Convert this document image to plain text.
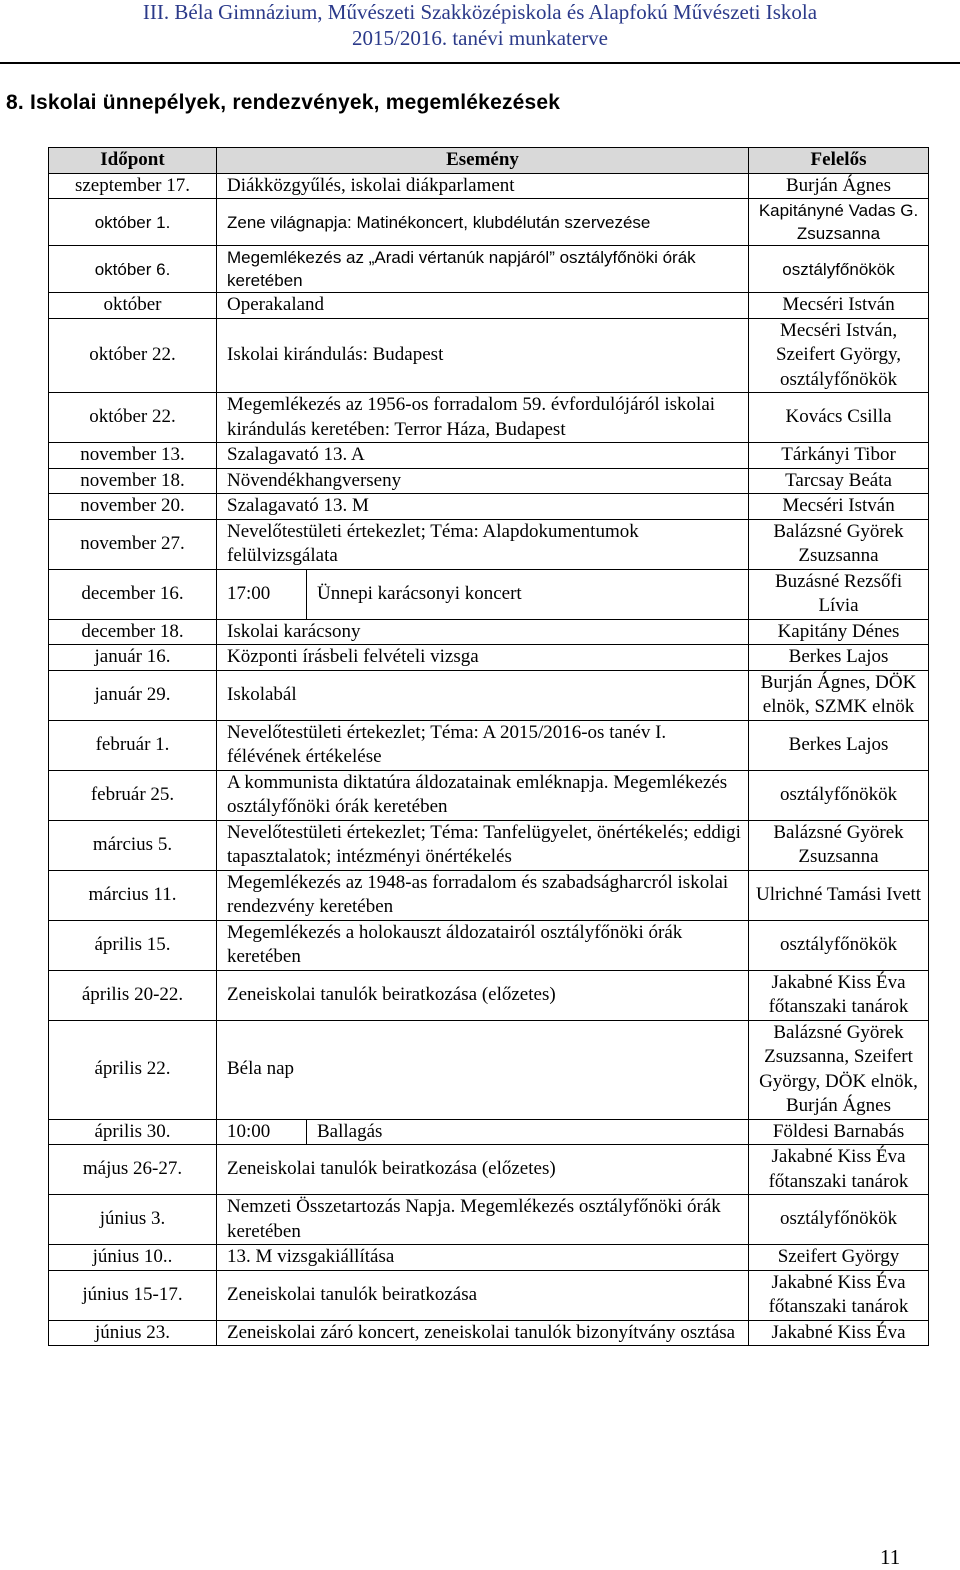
III. Béla Gimnázium, Művészeti Szakközépiskola és Alapfokú Művészeti Iskola
2015/2016. tanévi munkaterve
8. Iskolai ünnepélyek, rendezvények, megemlékezések
Időpont	Esemény		Felelős
szeptember 17.	Diákközgyűlés, iskolai diákparlament		Burján Ágnes
október 1.	Zene világnapja: Matinékoncert, klubdélután szervezése		Kapitányné Vadas G. Zsuzsanna
október 6.	Megemlékezés az „Aradi vértanúk napjáról” osztályfőnöki órák keretében		osztályfőnökök
október	Operakaland		Mecséri István
október 22.	Iskolai kirándulás: Budapest		Mecséri István, Szeifert György, osztályfőnökök
október 22.	Megemlékezés az 1956-os forradalom 59. évfordulójáról iskolai kirándulás keretében: Terror Háza, Budapest		Kovács Csilla
november 13.	Szalagavató 13. A		Tárkányi Tibor
november 18.	Növendékhangverseny		Tarcsay Beáta
november 20.	Szalagavató 13. M		Mecséri István
november 27.	Nevelőtestületi értekezlet; Téma: Alapdokumentumok felülvizsgálata		Balázsné Györek Zsuzsanna
december 16.	17:00	Ünnepi karácsonyi koncert	Buzásné Rezsőfi Lívia
december 18.	Iskolai karácsony		Kapitány Dénes
január 16.	Központi írásbeli felvételi vizsga		Berkes Lajos
január 29.	Iskolabál		Burján Ágnes, DÖK elnök, SZMK elnök
február 1.	Nevelőtestületi értekezlet; Téma: A 2015/2016-os tanév I. félévének értékelése		Berkes Lajos
február 25.	A kommunista diktatúra áldozatainak emléknapja. Megemlékezés osztályfőnöki órák keretében		osztályfőnökök
március 5.	Nevelőtestületi értekezlet; Téma: Tanfelügyelet, önértékelés; eddigi tapasztalatok; intézményi önértékelés		Balázsné Györek Zsuzsanna
március 11.	Megemlékezés az 1948-as forradalom és szabadságharcról iskolai rendezvény keretében		Ulrichné Tamási Ivett
április 15.	Megemlékezés a holokauszt áldozatairól osztályfőnöki órák keretében		osztályfőnökök
április 20-22.	Zeneiskolai tanulók beiratkozása (előzetes)		Jakabné Kiss Éva főtanszaki tanárok
április 22.	Béla nap		Balázsné Györek Zsuzsanna, Szeifert György, DÖK elnök, Burján Ágnes
április 30.	10:00	Ballagás	Földesi Barnabás
május 26-27.	Zeneiskolai tanulók beiratkozása (előzetes)		Jakabné Kiss Éva főtanszaki tanárok
június 3.	Nemzeti Összetartozás Napja. Megemlékezés osztályfőnöki órák keretében		osztályfőnökök
június 10..	13. M vizsgakiállítása		Szeifert György
június 15-17.	Zeneiskolai tanulók beiratkozása		Jakabné Kiss Éva főtanszaki tanárok
június 23.	Zeneiskolai záró koncert, zeneiskolai tanulók bizonyítvány osztása		Jakabné Kiss Éva
11
